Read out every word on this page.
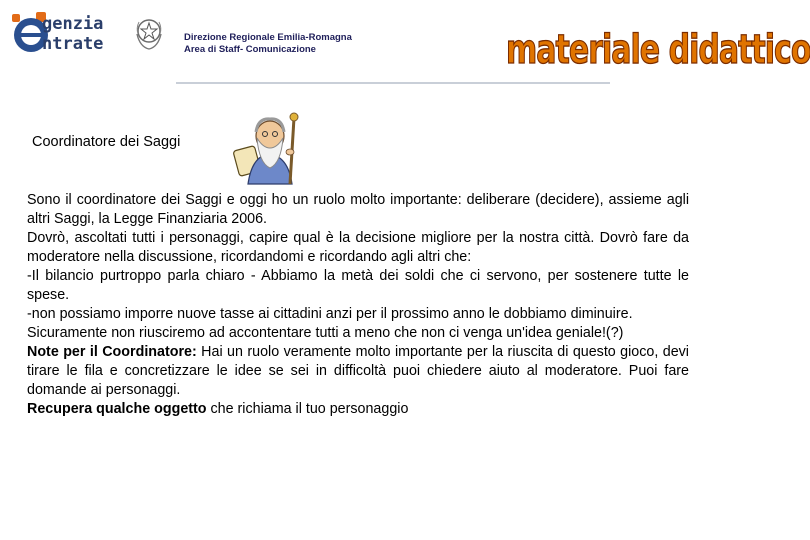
genzia
ntrate	Direzione Regionale Emilia-Romagna
Area di Staff- Comunicazione	materiale didattico
Coordinatore dei Saggi

Sono il coordinatore dei Saggi e oggi ho un ruolo molto importante: deliberare (decidere), assieme agli altri Saggi, la Legge Finanziaria 2006.

Dovrò, ascoltati tutti i personaggi, capire qual è la decisione migliore per la nostra città. Dovrò fare da moderatore nella discussione, ricordandomi e ricordando agli altri che:

-Il bilancio purtroppo parla chiaro - Abbiamo la metà dei soldi che ci servono, per sostenere tutte le spese.

-non possiamo imporre nuove tasse ai cittadini anzi per il prossimo anno le dobbiamo diminuire.

Sicuramente non riusciremo ad accontentare tutti a meno che non ci venga un'idea geniale!(?)

Note per il Coordinatore: Hai un ruolo veramente molto importante per la riuscita di questo gioco, devi tirare le fila e concretizzare le idee se sei in difficoltà puoi chiedere aiuto al moderatore. Puoi fare domande ai personaggi.

Recupera qualche oggetto che richiama il tuo personaggio
